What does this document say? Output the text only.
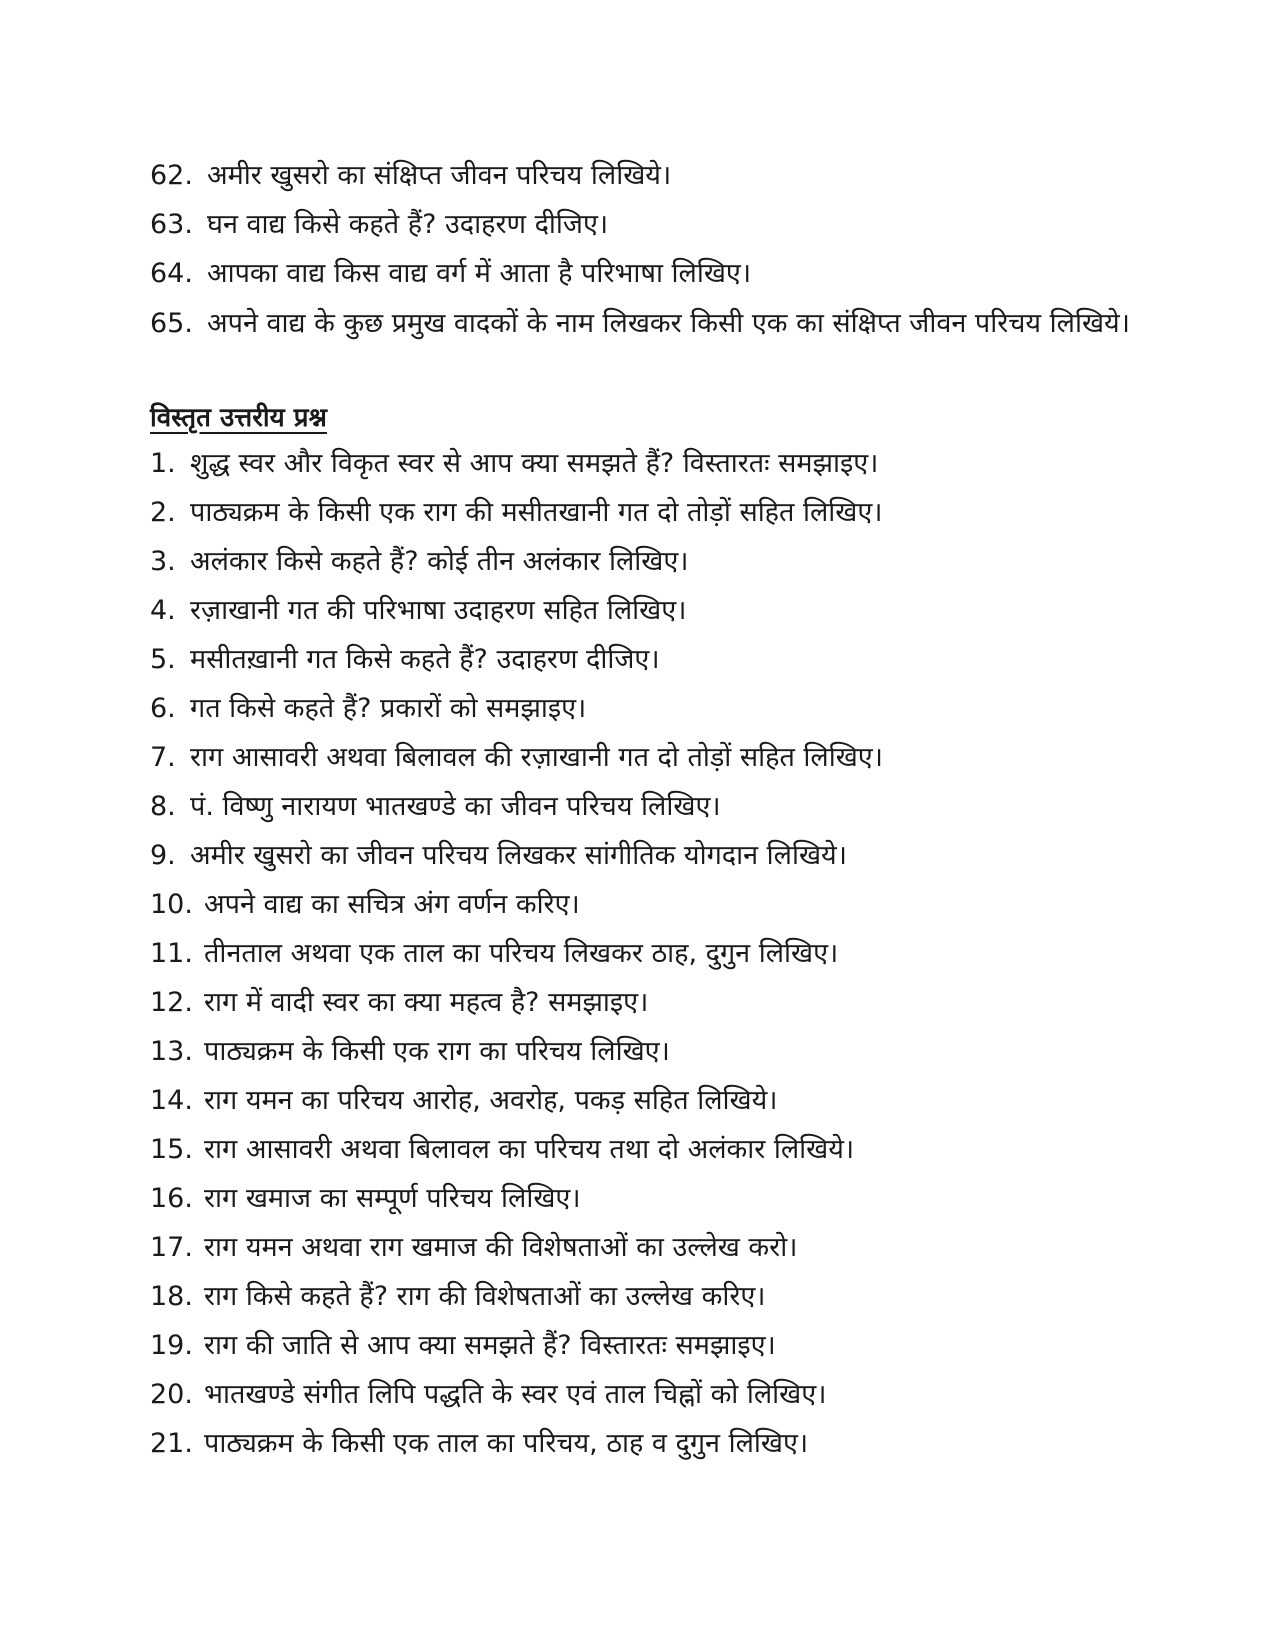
62. अमीर खुसरो का संक्षिप्त जीवन परिचय लिखिये।
63. घन वाद्य किसे कहते हैं? उदाहरण दीजिए।
64. आपका वाद्य किस वाद्य वर्ग में आता है परिभाषा लिखिए।
65. अपने वाद्य के कुछ प्रमुख वादकों के नाम लिखकर किसी एक का संक्षिप्त जीवन परिचय लिखिये।
विस्तृत उत्तरीय प्रश्न
1. शुद्ध स्वर और विकृत स्वर से आप क्या समझते हैं? विस्तारतः समझाइए।
2. पाठ्यक्रम के किसी एक राग की मसीतखानी गत दो तोड़ों सहित लिखिए।
3. अलंकार किसे कहते हैं? कोई तीन अलंकार लिखिए।
4. रज़ाखानी गत की परिभाषा उदाहरण सहित लिखिए।
5. मसीतख़ानी गत किसे कहते हैं? उदाहरण दीजिए।
6. गत किसे कहते हैं? प्रकारों को समझाइए।
7. राग आसावरी अथवा बिलावल की रज़ाखानी गत दो तोड़ों सहित लिखिए।
8. पं. विष्णु नारायण भातखण्डे का जीवन परिचय लिखिए।
9. अमीर खुसरो का जीवन परिचय लिखकर सांगीतिक योगदान लिखिये।
10. अपने वाद्य का सचित्र अंग वर्णन करिए।
11. तीनताल अथवा एक ताल का परिचय लिखकर ठाह, दुगुन लिखिए।
12. राग में वादी स्वर का क्या महत्व है? समझाइए।
13. पाठ्यक्रम के किसी एक राग का परिचय लिखिए।
14. राग यमन का परिचय आरोह, अवरोह, पकड़ सहित लिखिये।
15. राग आसावरी अथवा बिलावल का परिचय तथा दो अलंकार लिखिये।
16. राग खमाज का सम्पूर्ण परिचय लिखिए।
17. राग यमन अथवा राग खमाज की विशेषताओं का उल्लेख करो।
18. राग किसे कहते हैं? राग की विशेषताओं का उल्लेख करिए।
19. राग की जाति से आप क्या समझते हैं? विस्तारतः समझाइए।
20. भातखण्डे संगीत लिपि पद्धति के स्वर एवं ताल चिह्नों को लिखिए।
21. पाठ्यक्रम के किसी एक ताल का परिचय, ठाह व दुगुन लिखिए।
